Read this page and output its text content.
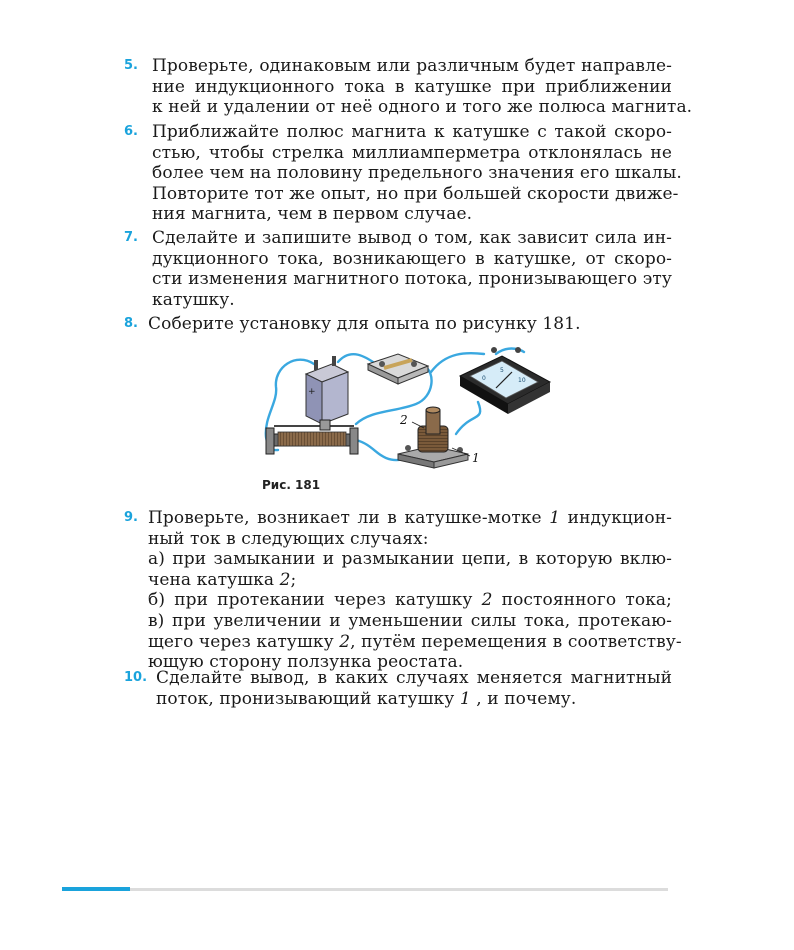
5. Проверьте, одинаковым или различным будет направле-
ние индукционного тока в катушке при приближении
к ней и удалении от неё одного и того же полюса магнита.
6. Приближайте полюс магнита к катушке с такой скоро-
стью, чтобы стрелка миллиамперметра отклонялась не
более чем на половину предельного значения его шкалы.
Повторите тот же опыт, но при большей скорости движе-
ния магнита, чем в первом случае.
7. Сделайте и запишите вывод о том, как зависит сила ин-
дукционного тока, возникающего в катушке, от скоро-
сти изменения магнитного потока, пронизывающего эту
катушку.
8. Соберите установку для опыта по рисунку 181.
+
0
5
10
2
1
Рис. 181
9. Проверьте, возникает ли в катушке-мотке 1 индукцион-
ный ток в следующих случаях:
а) при замыкании и размыкании цепи, в которую вклю-
чена катушка 2;
б) при протекании через катушку 2 постоянного тока;
в) при увеличении и уменьшении силы тока, протекаю-
щего через катушку 2, путём перемещения в соответству-
ющую сторону ползунка реостата.
10. Сделайте вывод, в каких случаях меняется магнитный
поток, пронизывающий катушку 1 , и почему.
